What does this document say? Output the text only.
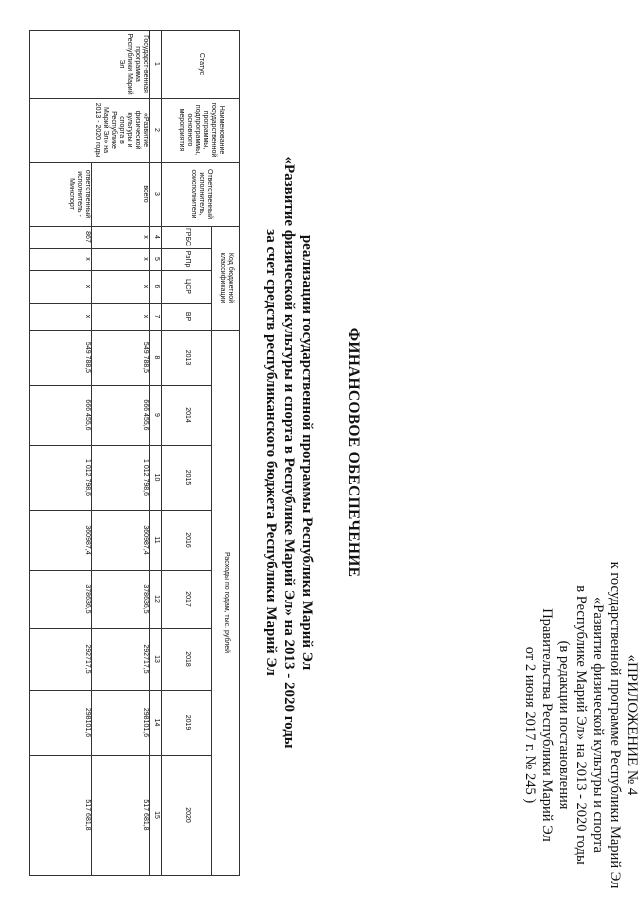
«ПРИЛОЖЕНИЕ № 4
к государственной программе Республики Марий Эл
«Развитие физической культуры и спорта
в Республике Марий Эл» на 2013 - 2020 годы
(в редакции постановления
Правительства Республики Марий Эл
от 2 июня 2017 г. № 245 )
ФИНАНСОВОЕ ОБЕСПЕЧЕНИЕ
реализации государственной программы Республики Марий Эл
«Развитие физической культуры и спорта в Республике Марий Эл» на 2013 - 2020 годы
за счет средств республиканского бюджета Республики Марий Эл
Статус
Наименование государственной программы, подпрограммы, основного мероприятия
Ответственный исполнитель, соисполнители
Код бюджетной классификации
ГРБС
РзПр
ЦСР
ВР
Расходы по годам, тыс. рублей
2013
2014
2015
2016
2017
2018
2019
2020
1
2
3
4
5
6
7
8
9
10
11
12
13
14
15
Государст-венная программа Республики Марий Эл
«Развитие физической культуры и спорта в Республике Марий Эл» на 2013 - 2020 годы
всего
х
х
х
х
549 788,5
666 455,6
1 012 798,6
360987,4
378636,5
292717,5
298101,6
517 681,8
ответственный исполнитель - Минспорт
867
х
х
х
549 788,5
666 455,6
1 012 798,6
360987,4
378636,5
292717,5
298101,6
517 681,8
